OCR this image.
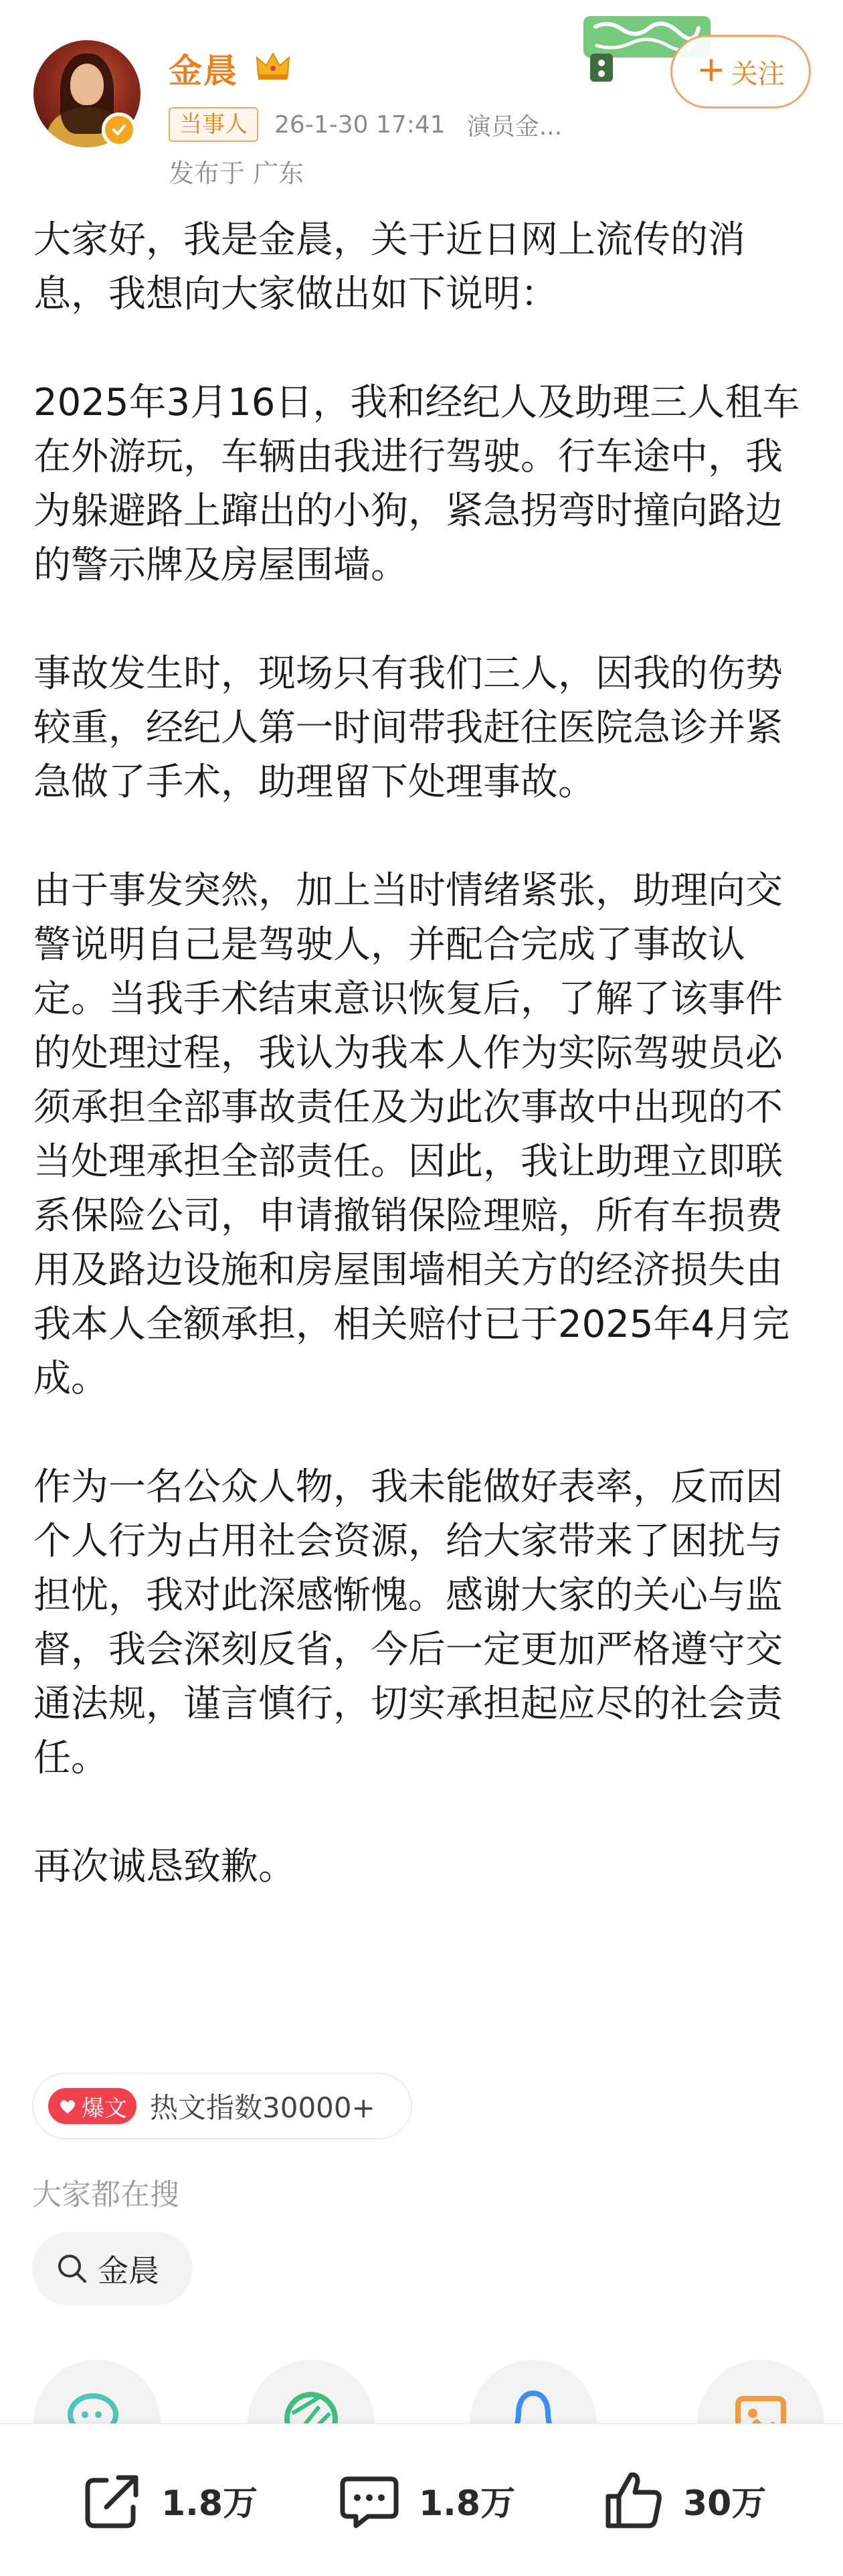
金晨
当事人	26-1-30 17:41 演员金...
发布于 广东
+ 关注

大家好，我是金晨，关于近日网上流传的消息，我想向大家做出如下说明：

2025年3月16日，我和经纪人及助理三人租车在外游玩，车辆由我进行驾驶。行车途中，我为躲避路上蹿出的小狗，紧急拐弯时撞向路边的警示牌及房屋围墙。

事故发生时，现场只有我们三人，因我的伤势较重，经纪人第一时间带我赶往医院急诊并紧急做了手术，助理留下处理事故。

由于事发突然，加上当时情绪紧张，助理向交警说明自己是驾驶人，并配合完成了事故认定。当我手术结束意识恢复后，了解了该事件的处理过程，我认为我本人作为实际驾驶员必须承担全部事故责任及为此次事故中出现的不当处理承担全部责任。因此，我让助理立即联系保险公司，申请撤销保险理赔，所有车损费用及路边设施和房屋围墙相关方的经济损失由我本人全额承担，相关赔付已于2025年4月完成。

作为一名公众人物，我未能做好表率，反而因个人行为占用社会资源，给大家带来了困扰与担忧，我对此深感惭愧。感谢大家的关心与监督，我会深刻反省，今后一定更加严格遵守交通法规，谨言慎行，切实承担起应尽的社会责任。

再次诚恳致歉。

爆文 热文指数30000+
大家都在搜
金晨
1.8万	1.8万	30万
